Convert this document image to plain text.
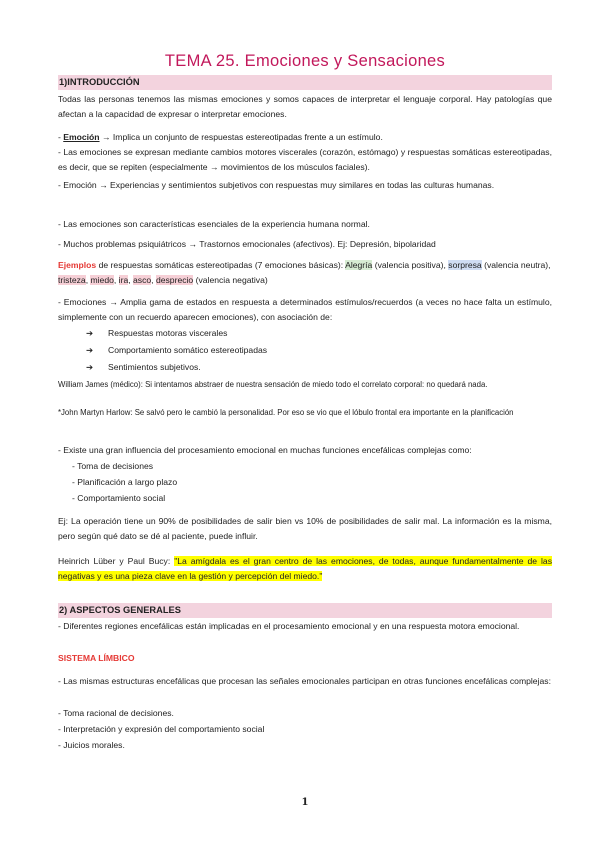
TEMA 25. Emociones y Sensaciones
1)INTRODUCCIÓN
Todas las personas tenemos las mismas emociones y somos capaces de interpretar el lenguaje corporal. Hay patologías que afectan a la capacidad de expresar o interpretar emociones.
- Emoción → Implica un conjunto de respuestas estereotipadas frente a un estímulo.
- Las emociones se expresan mediante cambios motores viscerales (corazón, estómago) y respuestas somáticas estereotipadas, es decir, que se repiten (especialmente → movimientos de los músculos faciales).
- Emoción → Experiencias y sentimientos subjetivos con respuestas muy similares en todas las culturas humanas.
- Las emociones son características esenciales de la experiencia humana normal.
- Muchos problemas psiquiátricos → Trastornos emocionales (afectivos). Ej: Depresión, bipolaridad
Ejemplos de respuestas somáticas estereotipadas (7 emociones básicas): Alegría (valencia positiva), sorpresa (valencia neutra), tristeza, miedo, ira, asco, desprecio (valencia negativa)
- Emociones → Amplia gama de estados en respuesta a determinados estímulos/recuerdos (a veces no hace falta un estímulo, simplemente con un recuerdo aparecen emociones), con asociación de:
➔ Respuestas motoras viscerales
➔ Comportamiento somático estereotipadas
➔ Sentimientos subjetivos.
William James (médico): Si intentamos abstraer de nuestra sensación de miedo todo el correlato corporal: no quedará nada.
*John Martyn Harlow: Se salvó pero le cambió la personalidad. Por eso se vio que el lóbulo frontal era importante en la planificación
- Existe una gran influencia del procesamiento emocional en muchas funciones encefálicas complejas como:
- Toma de decisiones
- Planificación a largo plazo
- Comportamiento social
Ej: La operación tiene un 90% de posibilidades de salir bien vs 10% de posibilidades de salir mal. La información es la misma, pero según qué dato se dé al paciente, puede influir.
Heinrich Lüber y Paul Bucy: "La amígdala es el gran centro de las emociones, de todas, aunque fundamentalmente de las negativas y es una pieza clave en la gestión y percepción del miedo."
2) ASPECTOS GENERALES
- Diferentes regiones encefálicas están implicadas en el procesamiento emocional y en una respuesta motora emocional.
SISTEMA LÍMBICO
- Las mismas estructuras encefálicas que procesan las señales emocionales participan en otras funciones encefálicas complejas:
- Toma racional de decisiones.
- Interpretación y expresión del comportamiento social
- Juicios morales.
1
